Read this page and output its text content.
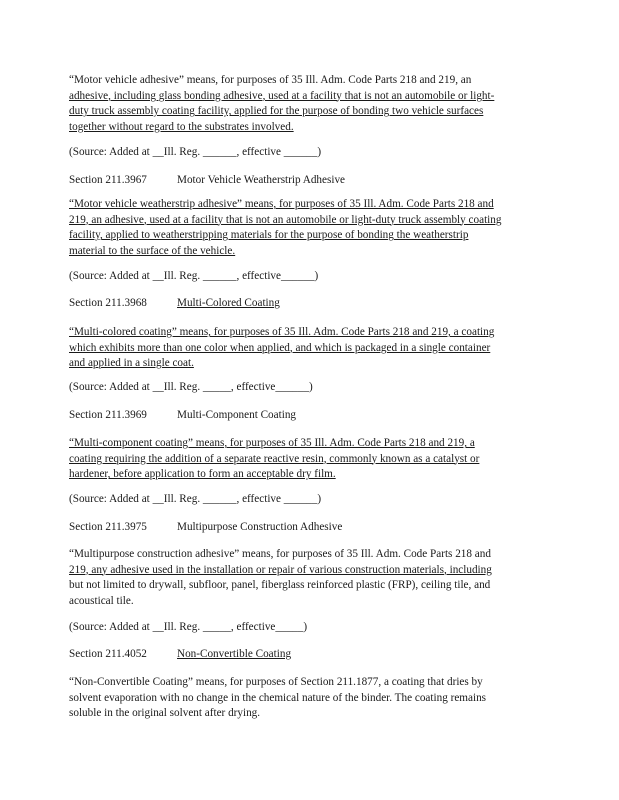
“Motor vehicle adhesive” means, for purposes of 35 Ill. Adm. Code Parts 218 and 219, an
adhesive, including glass bonding adhesive, used at a facility that is not an automobile or light-
duty truck assembly coating facility, applied for the purpose of bonding two vehicle surfaces
together without regard to the substrates involved.
(Source: Added at __Ill. Reg. ______, effective ______)
Section 211.3967	Motor Vehicle Weatherstrip Adhesive
“Motor vehicle weatherstrip adhesive” means, for purposes of 35 Ill. Adm. Code Parts 218 and
219, an adhesive, used at a facility that is not an automobile or light-duty truck assembly coating
facility, applied to weatherstripping materials for the purpose of bonding the weatherstrip
material to the surface of the vehicle.
(Source: Added at __Ill. Reg. ______, effective______)
Section 211.3968	Multi-Colored Coating
“Multi-colored coating” means, for purposes of 35 Ill. Adm. Code Parts 218 and 219, a coating
which exhibits more than one color when applied, and which is packaged in a single container
and applied in a single coat.
(Source: Added at __Ill. Reg. _____, effective______)
Section 211.3969	Multi-Component Coating
“Multi-component coating” means, for purposes of 35 Ill. Adm. Code Parts 218 and 219, a
coating requiring the addition of a separate reactive resin, commonly known as a catalyst or
hardener, before application to form an acceptable dry film.
(Source: Added at __Ill. Reg. ______, effective ______)
Section 211.3975	Multipurpose Construction Adhesive
“Multipurpose construction adhesive” means, for purposes of 35 Ill. Adm. Code Parts 218 and
219, any adhesive used in the installation or repair of various construction materials, including
but not limited to drywall, subfloor, panel, fiberglass reinforced plastic (FRP), ceiling tile, and
acoustical tile.
(Source: Added at __Ill. Reg. _____, effective_____)
Section 211.4052	Non-Convertible Coating
“Non-Convertible Coating” means, for purposes of Section 211.1877, a coating that dries by
solvent evaporation with no change in the chemical nature of the binder. The coating remains
soluble in the original solvent after drying.
